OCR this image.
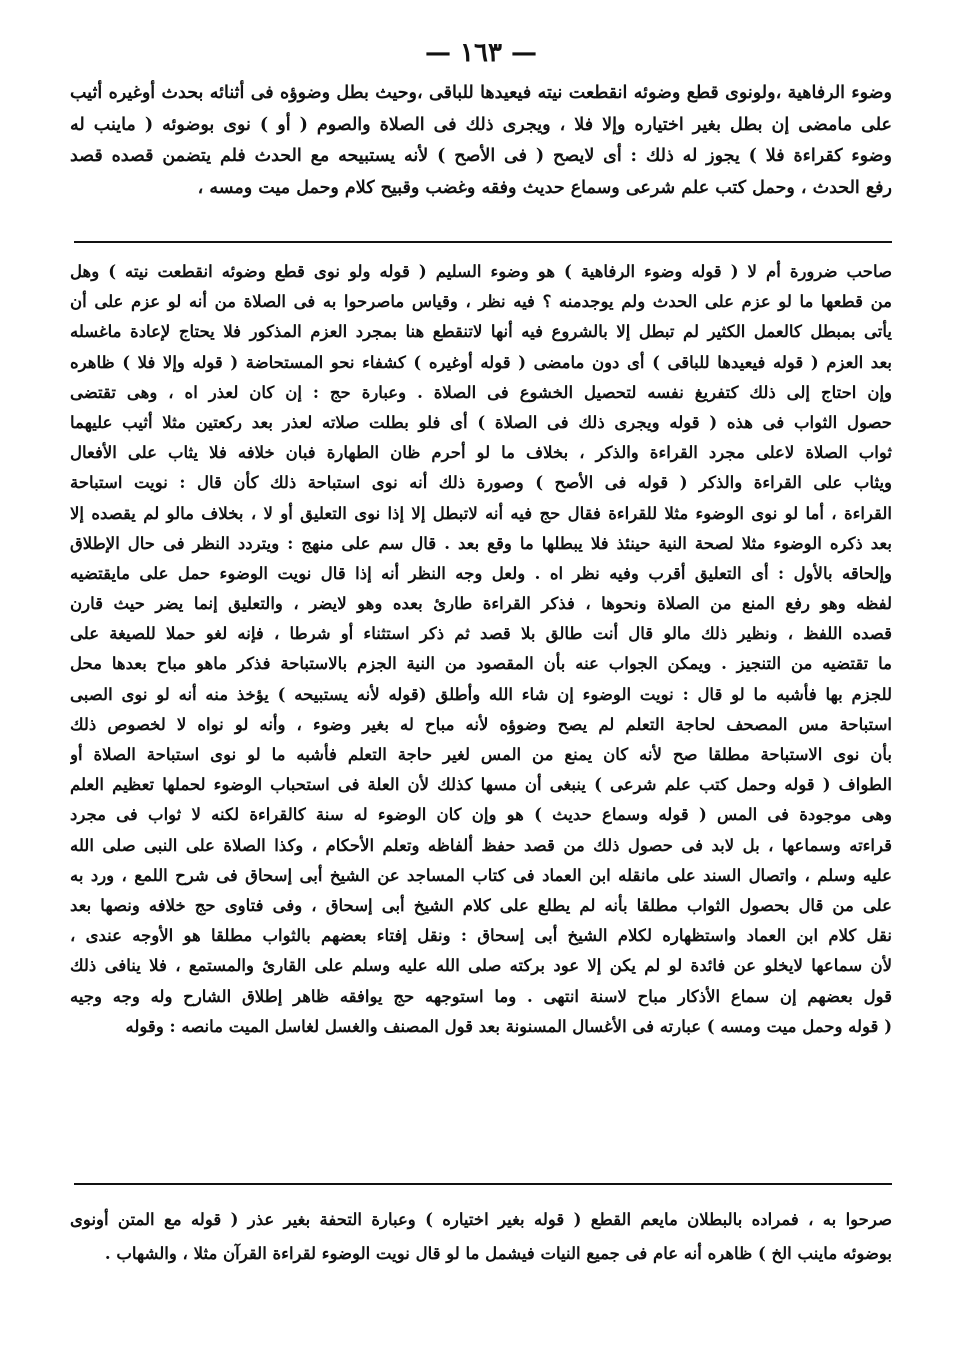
— ١٦٣ —
وضوء الرفاهية ،ولونوى قطع وضوئه انقطعت نيته فيعيدها للباقى ،وحيث بطل وضوؤه فى أثنائه بحدث أوغيره أثيب
على مامضى إن بطل بغير اختياره وإلا فلا ، ويجرى ذلك فى الصلاة والصوم ( أو ) نوى بوضوئه ( ماينب له
وضوء كقراءة فلا ) يجوز له ذلك : أى لايصح ( فى الأصح ) لأنه يستبيحه مع الحدث فلم يتضمن قصده قصد
رفع الحدث ، وحمل كتب علم شرعى وسماع حديث وفقه وغضب وقبيح كلام وحمل ميت ومسه ،
صاحب ضرورة أم لا ( قوله وضوء الرفاهية ) هو وضوء السليم ( قوله ولو نوى قطع وضوئه انقطعت نيته ) وهل
من قطعها ما لو عزم على الحدث ولم يوجدمنه ؟ فيه نظر ، وقياس ماصرحوا به فى الصلاة من أنه لو عزم على أن
يأتى بمبطل كالعمل الكثير لم تبطل إلا بالشروع فيه أنها لاتنقطع هنا بمجرد العزم المذكور فلا يحتاج لإعادة ماغسله
بعد العزم ( قوله فيعيدها للباقى ) أى دون مامضى ( قوله أوغيره ) كشفاء نحو المستحاضة ( قوله وإلا فلا ) ظاهره
وإن احتاج إلى ذلك كتفريغ نفسه لتحصيل الخشوع فى الصلاة . وعبارة حج : إن كان لعذر اه ، وهى تقتضى
حصول الثواب فى هذه ( قوله ويجرى ذلك فى الصلاة ) أى فلو بطلت صلاته لعذر بعد ركعتين مثلا أثيب عليهما
ثواب الصلاة لاعلى مجرد القراءة والذكر ، بخلاف ما لو أحرم ظان الطهارة فبان خلافه فلا يثاب على الأفعال
ويثاب على القراءة والذكر ( قوله فى الأصح ) وصورة ذلك أنه نوى استباحة ذلك كأن قال : نويت استباحة
القراءة ، أما لو نوى الوضوء مثلا للقراءة فقال حج فيه أنه لاتبطل إلا إذا نوى التعليق أو لا ، بخلاف مالو لم يقصده إلا
بعد ذكره الوضوء مثلا لصحة النية حينئذ فلا يبطلها ما وقع بعد . قال سم على منهج : ويتردد النظر فى حال الإطلاق
وإلحاقه بالأول : أى التعليق أقرب وفيه نظر اه . ولعل وجه النظر أنه إذا قال نويت الوضوء حمل على مايقتضيه
لفظه وهو رفع المنع من الصلاة ونحوها ، فذكر القراءة طارئ بعده وهو لايضر ، والتعليق إنما يضر حيث قارن
قصده اللفظ ، ونظير ذلك مالو قال أنت طالق بلا قصد ثم ذكر استثناء أو شرطا ، فإنه لغو حملا للصيغة على
ما تقتضيه من التنجيز . ويمكن الجواب عنه بأن المقصود من النية الجزم بالاستباحة فذكر ماهو مباح بعدها محل
للجزم بها فأشبه ما لو قال : نويت الوضوء إن شاء الله وأطلق (قوله لأنه يستبيحه ) يؤخذ منه أنه لو نوى الصبى
استباحة مس المصحف لحاجة التعلم لم يصح وضوؤه لأنه مباح له بغير وضوء ، وأنه لو نواه لا لخصوص ذلك
بأن نوى الاستباحة مطلقا صح لأنه كان يمنع من المس لغير حاجة التعلم فأشبه ما لو نوى استباحة الصلاة أو
الطواف ( قوله وحمل كتب علم شرعى ) ينبغى أن مسها كذلك لأن العلة فى استحباب الوضوء لحملها تعظيم العلم
وهى موجودة فى المس ( قوله وسماع حديث ) هو وإن كان الوضوء له سنة كالقراءة لكنه لا ثواب فى مجرد
قراءته وسماعها ، بل لابد فى حصول ذلك من قصد حفظ ألفاظه وتعلم الأحكام ، وكذا الصلاة على النبى صلى الله
عليه وسلم ، واتصال السند على مانقله ابن العماد فى كتاب المساجد عن الشيخ أبى إسحاق فى شرح اللمع ، ورد به
على من قال بحصول الثواب مطلقا بأنه لم يطلع على كلام الشيخ أبى إسحاق ، وفى فتاوى حج خلافه ونصها بعد
نقل كلام ابن العماد واستظهاره لكلام الشيخ أبى إسحاق : ونقل إفتاء بعضهم بالثواب مطلقا هو الأوجه عندى ،
لأن سماعها لايخلو عن فائدة لو لم يكن إلا عود بركته صلى الله عليه وسلم على القارئ والمستمع ، فلا ينافى ذلك
قول بعضهم إن سماع الأذكار مباح لاسنة انتهى . وما استوجهه حج يوافقه ظاهر إطلاق الشارح وله وجه وجيه
( قوله وحمل ميت ومسه ) عبارته فى الأغسال المسنونة بعد قول المصنف والغسل لغاسل الميت مانصه : وقوله
صرحوا به ، فمراده بالبطلان مايعم القطع ( قوله بغير اختياره ) وعبارة التحفة بغير عذر ( قوله مع المتن أونوى
بوضوئه ماينب الخ ) ظاهره أنه عام فى جميع النيات فيشمل ما لو قال نويت الوضوء لقراءة القرآن مثلا ، والشهاب .
